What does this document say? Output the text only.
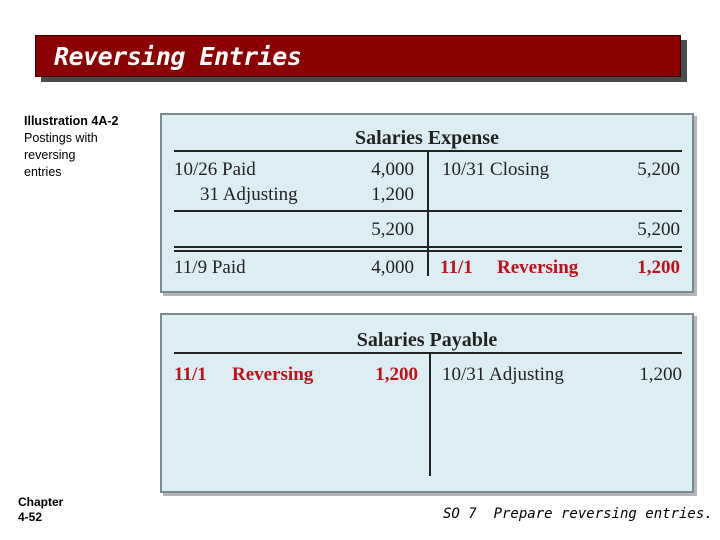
Reversing Entries
Illustration 4A-2
Postings with
reversing
entries
Chapter
4-52
Salaries Expense
10/26 Paid	4,000 10/31 Closing	5,200
31 Adjusting	1,200
5,200	5,200
11/9 Paid	4,000 11/1 Reversing	1,200
Salaries Payable
11/1 Reversing	1,200 10/31 Adjusting	1,200
SO 7  Prepare reversing entries.
